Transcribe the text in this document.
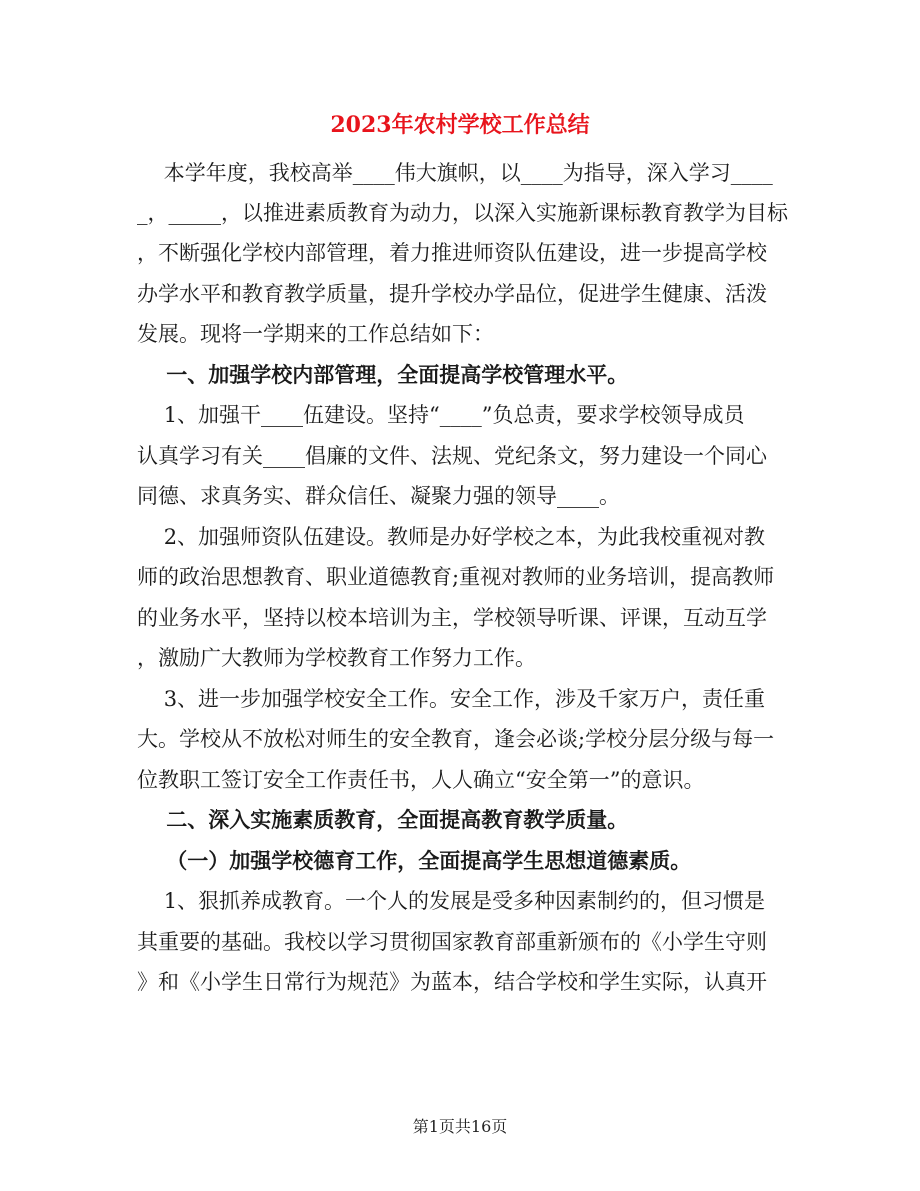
2023年农村学校工作总结
本学年度，我校高举____伟大旗帜，以____为指导，深入学习____
_，_____，以推进素质教育为动力，以深入实施新课标教育教学为目标
，不断强化学校内部管理，着力推进师资队伍建设，进一步提高学校
办学水平和教育教学质量，提升学校办学品位，促进学生健康、活泼
发展。现将一学期来的工作总结如下：
一、加强学校内部管理，全面提高学校管理水平。
1、加强干____伍建设。坚持“____”负总责，要求学校领导成员
认真学习有关____倡廉的文件、法规、党纪条文，努力建设一个同心
同德、求真务实、群众信任、凝聚力强的领导____。
2、加强师资队伍建设。教师是办好学校之本，为此我校重视对教
师的政治思想教育、职业道德教育;重视对教师的业务培训，提高教师
的业务水平，坚持以校本培训为主，学校领导听课、评课，互动互学
，激励广大教师为学校教育工作努力工作。
3、进一步加强学校安全工作。安全工作，涉及千家万户，责任重
大。学校从不放松对师生的安全教育，逢会必谈;学校分层分级与每一
位教职工签订安全工作责任书，人人确立“安全第一”的意识。
二、深入实施素质教育，全面提高教育教学质量。
（一）加强学校德育工作，全面提高学生思想道德素质。
1、狠抓养成教育。一个人的发展是受多种因素制约的，但习惯是
其重要的基础。我校以学习贯彻国家教育部重新颁布的《小学生守则
》和《小学生日常行为规范》为蓝本，结合学校和学生实际，认真开
第1页共16页
